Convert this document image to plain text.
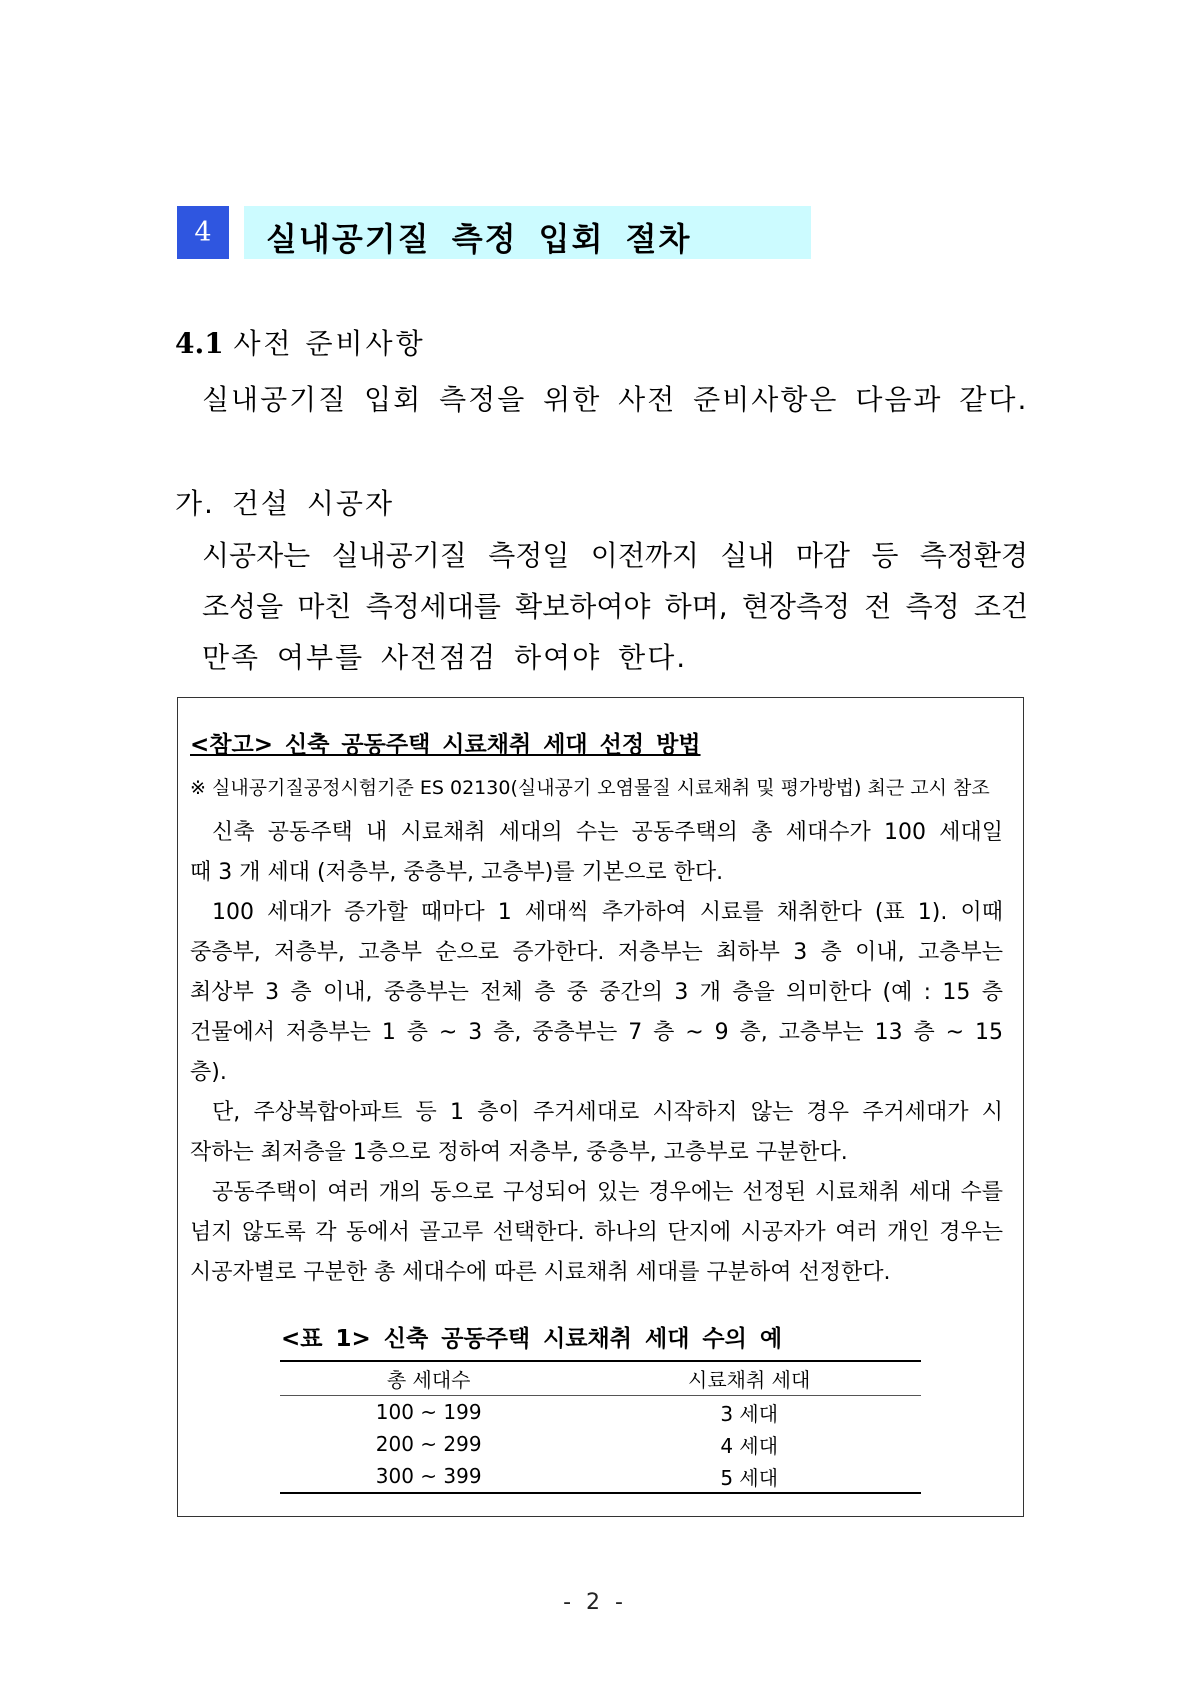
4	실내공기질 측정 입회 절차
4.1 사전 준비사항
실내공기질 입회 측정을 위한 사전 준비사항은 다음과 같다.
가. 건설 시공자
시공자는 실내공기질 측정일 이전까지 실내 마감 등 측정환경
조성을 마친 측정세대를 확보하여야 하며, 현장측정 전 측정 조건
만족 여부를 사전점검 하여야 한다.
<참고> 신축 공동주택 시료채취 세대 선정 방법
※ 실내공기질공정시험기준 ES 02130(실내공기 오염물질 시료채취 및 평가방법) 최근 고시 참조
신축 공동주택 내 시료채취 세대의 수는 공동주택의 총 세대수가 100 세대일
때 3 개 세대 (저층부, 중층부, 고층부)를 기본으로 한다.
100 세대가 증가할 때마다 1 세대씩 추가하여 시료를 채취한다 (표 1). 이때
중층부, 저층부, 고층부 순으로 증가한다. 저층부는 최하부 3 층 이내, 고층부는
최상부 3 층 이내, 중층부는 전체 층 중 중간의 3 개 층을 의미한다 (예 : 15 층
건물에서 저층부는 1 층 ~ 3 층, 중층부는 7 층 ~ 9 층, 고층부는 13 층 ~ 15
층).
단, 주상복합아파트 등 1 층이 주거세대로 시작하지 않는 경우 주거세대가 시
작하는 최저층을 1층으로 정하여 저층부, 중층부, 고층부로 구분한다.
공동주택이 여러 개의 동으로 구성되어 있는 경우에는 선정된 시료채취 세대 수를
넘지 않도록 각 동에서 골고루 선택한다. 하나의 단지에 시공자가 여러 개인 경우는
시공자별로 구분한 총 세대수에 따른 시료채취 세대를 구분하여 선정한다.
<표 1> 신축 공동주택 시료채취 세대 수의 예
총 세대수	시료채취 세대
100 ~ 199	3 세대
200 ~ 299	4 세대
300 ~ 399	5 세대
- 2 -
